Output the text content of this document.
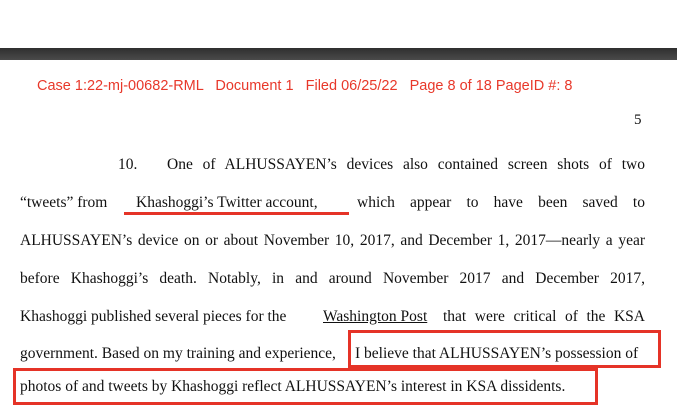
Case 1:22-mj-00682-RML   Document 1   Filed 06/25/22   Page 8 of 18 PageID #: 8
5
10. One of ALHUSSAYEN’s devices also contained screen shots of two
“tweets” from Khashoggi’s Twitter account,	which appear to have been saved to
ALHUSSAYEN’s device on or about November 10, 2017, and December 1, 2017—nearly a year
before Khashoggi’s death. Notably, in and around November 2017 and December 2017,
Khashoggi published several pieces for the Washington Post that were critical of the KSA
government. Based on my training and experience, I believe that ALHUSSAYEN’s possession of
photos of and tweets by Khashoggi reflect ALHUSSAYEN’s interest in KSA dissidents.
